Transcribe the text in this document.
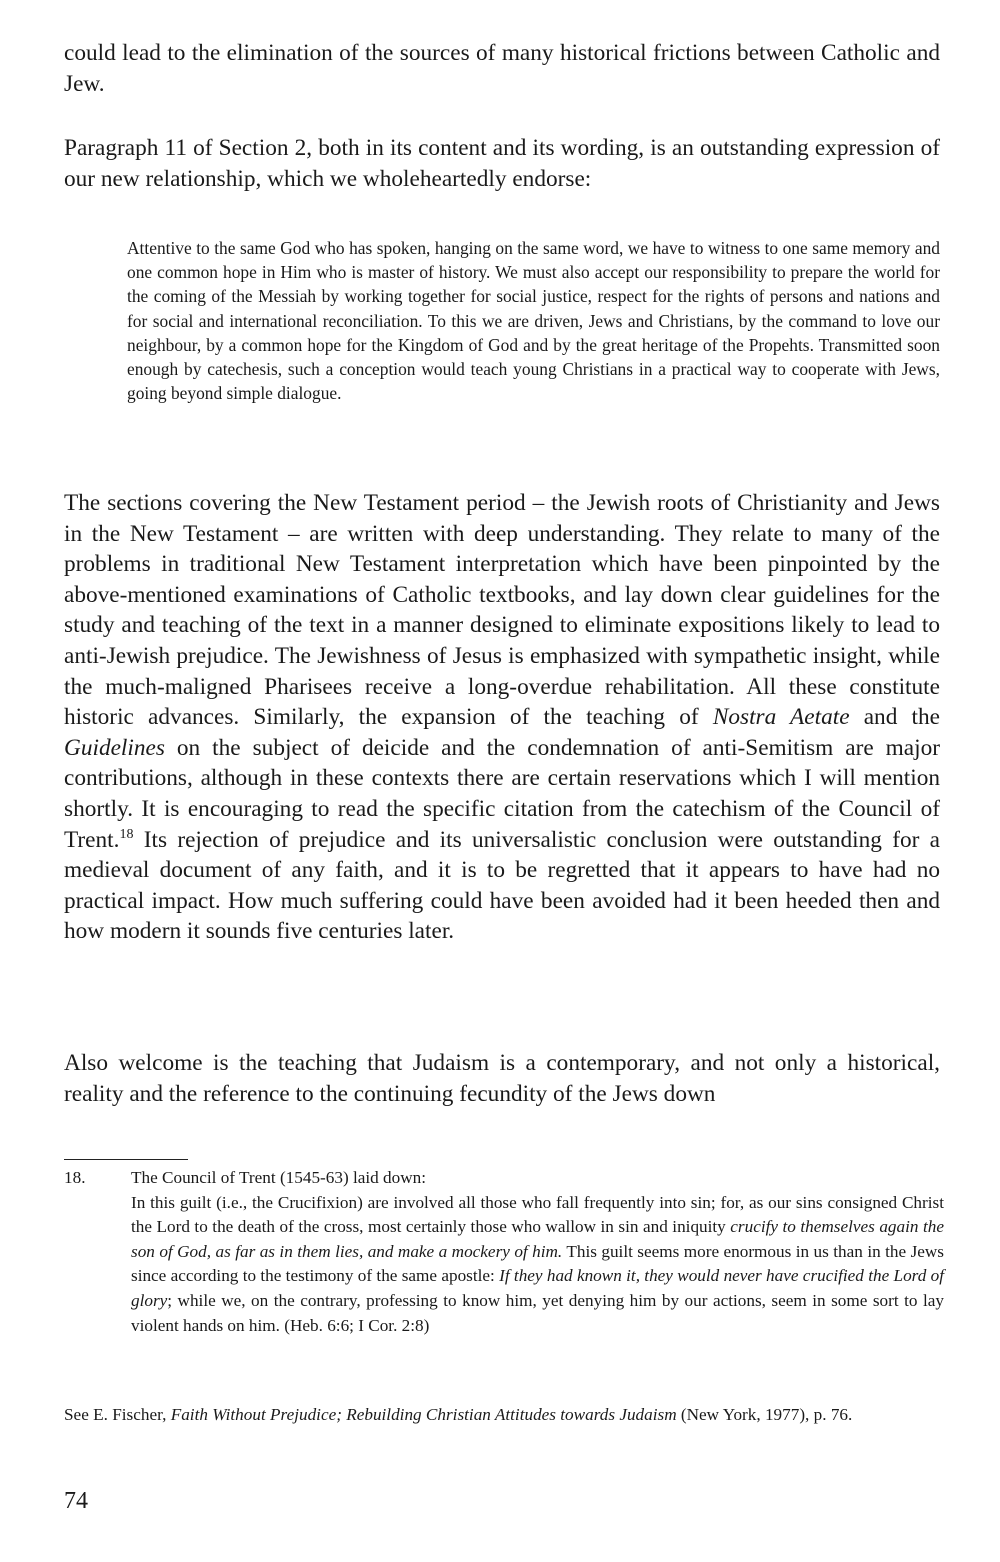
could lead to the elimination of the sources of many historical frictions between Catholic and Jew.

Paragraph 11 of Section 2, both in its content and its wording, is an outstanding expression of our new relationship, which we wholeheartedly endorse:

Attentive to the same God who has spoken, hanging on the same word, we have to witness to one same memory and one common hope in Him who is master of history. We must also accept our responsibility to prepare the world for the coming of the Messiah by working together for social justice, respect for the rights of persons and nations and for social and international reconciliation. To this we are driven, Jews and Christians, by the command to love our neighbour, by a common hope for the Kingdom of God and by the great heritage of the Propehts. Transmitted soon enough by catechesis, such a conception would teach young Christians in a practical way to cooperate with Jews, going beyond simple dialogue.

The sections covering the New Testament period – the Jewish roots of Christianity and Jews in the New Testament – are written with deep understanding. They relate to many of the problems in traditional New Testament interpretation which have been pinpointed by the above-mentioned examinations of Catholic textbooks, and lay down clear guidelines for the study and teaching of the text in a manner designed to eliminate expositions likely to lead to anti-Jewish prejudice. The Jewishness of Jesus is emphasized with sympathetic insight, while the much-maligned Pharisees receive a long-overdue rehabilitation. All these constitute historic advances. Similarly, the expansion of the teaching of Nostra Aetate and the Guidelines on the subject of deicide and the condemnation of anti-Semitism are major contributions, although in these contexts there are certain reservations which I will mention shortly. It is encouraging to read the specific citation from the catechism of the Council of Trent.$^{18}$ Its rejection of prejudice and its universalistic conclusion were outstanding for a medieval document of any faith, and it is to be regretted that it appears to have had no practical impact. How much suffering could have been avoided had it been heeded then and how modern it sounds five centuries later.

Also welcome is the teaching that Judaism is a contemporary, and not only a historical, reality and the reference to the continuing fecundity of the Jews down

18.	The Council of Trent (1545-63) laid down:
In this guilt (i.e., the Crucifixion) are involved all those who fall frequently into sin; for, as our sins consigned Christ the Lord to the death of the cross, most certainly those who wallow in sin and iniquity crucify to themselves again the son of God, as far as in them lies, and make a mockery of him. This guilt seems more enormous in us than in the Jews since according to the testimony of the same apostle: If they had known it, they would never have crucified the Lord of glory; while we, on the contrary, professing to know him, yet denying him by our actions, seem in some sort to lay violent hands on him. (Heb. 6:6; I Cor. 2:8)
See E. Fischer, Faith Without Prejudice; Rebuilding Christian Attitudes towards Judaism (New York, 1977), p. 76.
74
